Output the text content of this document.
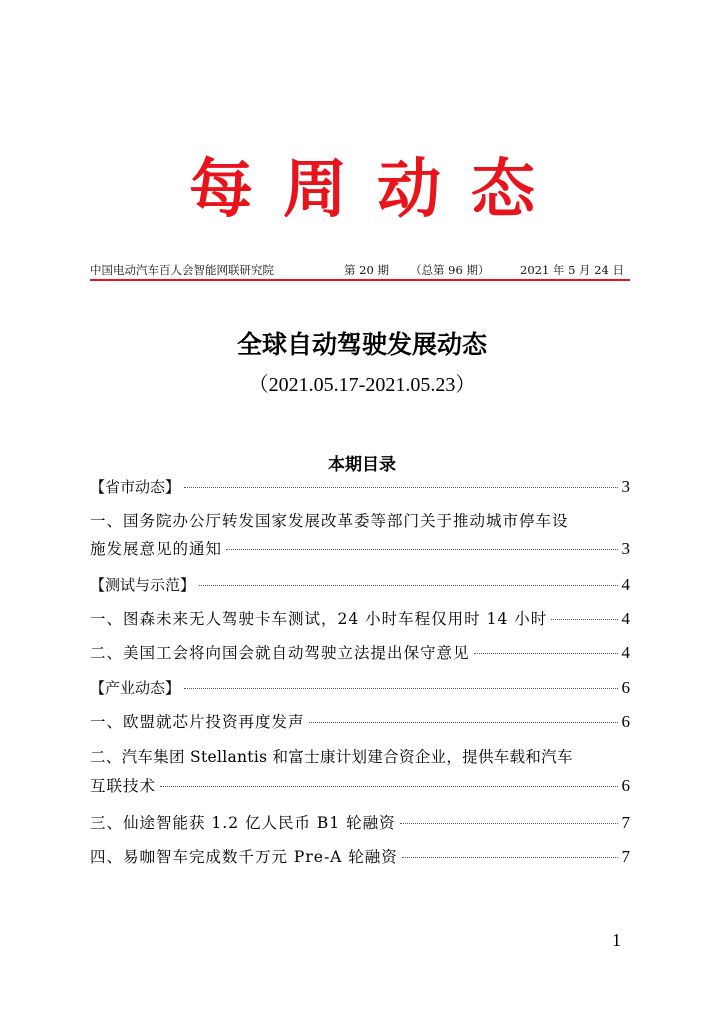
每周动态
中国电动汽车百人会智能网联研究院	第 20 期 （总第 96 期）	2021 年 5 月 24 日
全球自动驾驶发展动态
（2021.05.17-2021.05.23）
本期目录
【省市动态】	3
一、国务院办公厅转发国家发展改革委等部门关于推动城市停车设
施发展意见的通知	3
【测试与示范】	4
一、图森未来无人驾驶卡车测试，24 小时车程仅用时 14 小时	4
二、美国工会将向国会就自动驾驶立法提出保守意见	4
【产业动态】	6
一、欧盟就芯片投资再度发声	6
二、汽车集团 Stellantis 和富士康计划建合资企业，提供车载和汽车
互联技术	6
三、仙途智能获 1.2 亿人民币 B1 轮融资	7
四、易咖智车完成数千万元 Pre-A 轮融资	7
1
